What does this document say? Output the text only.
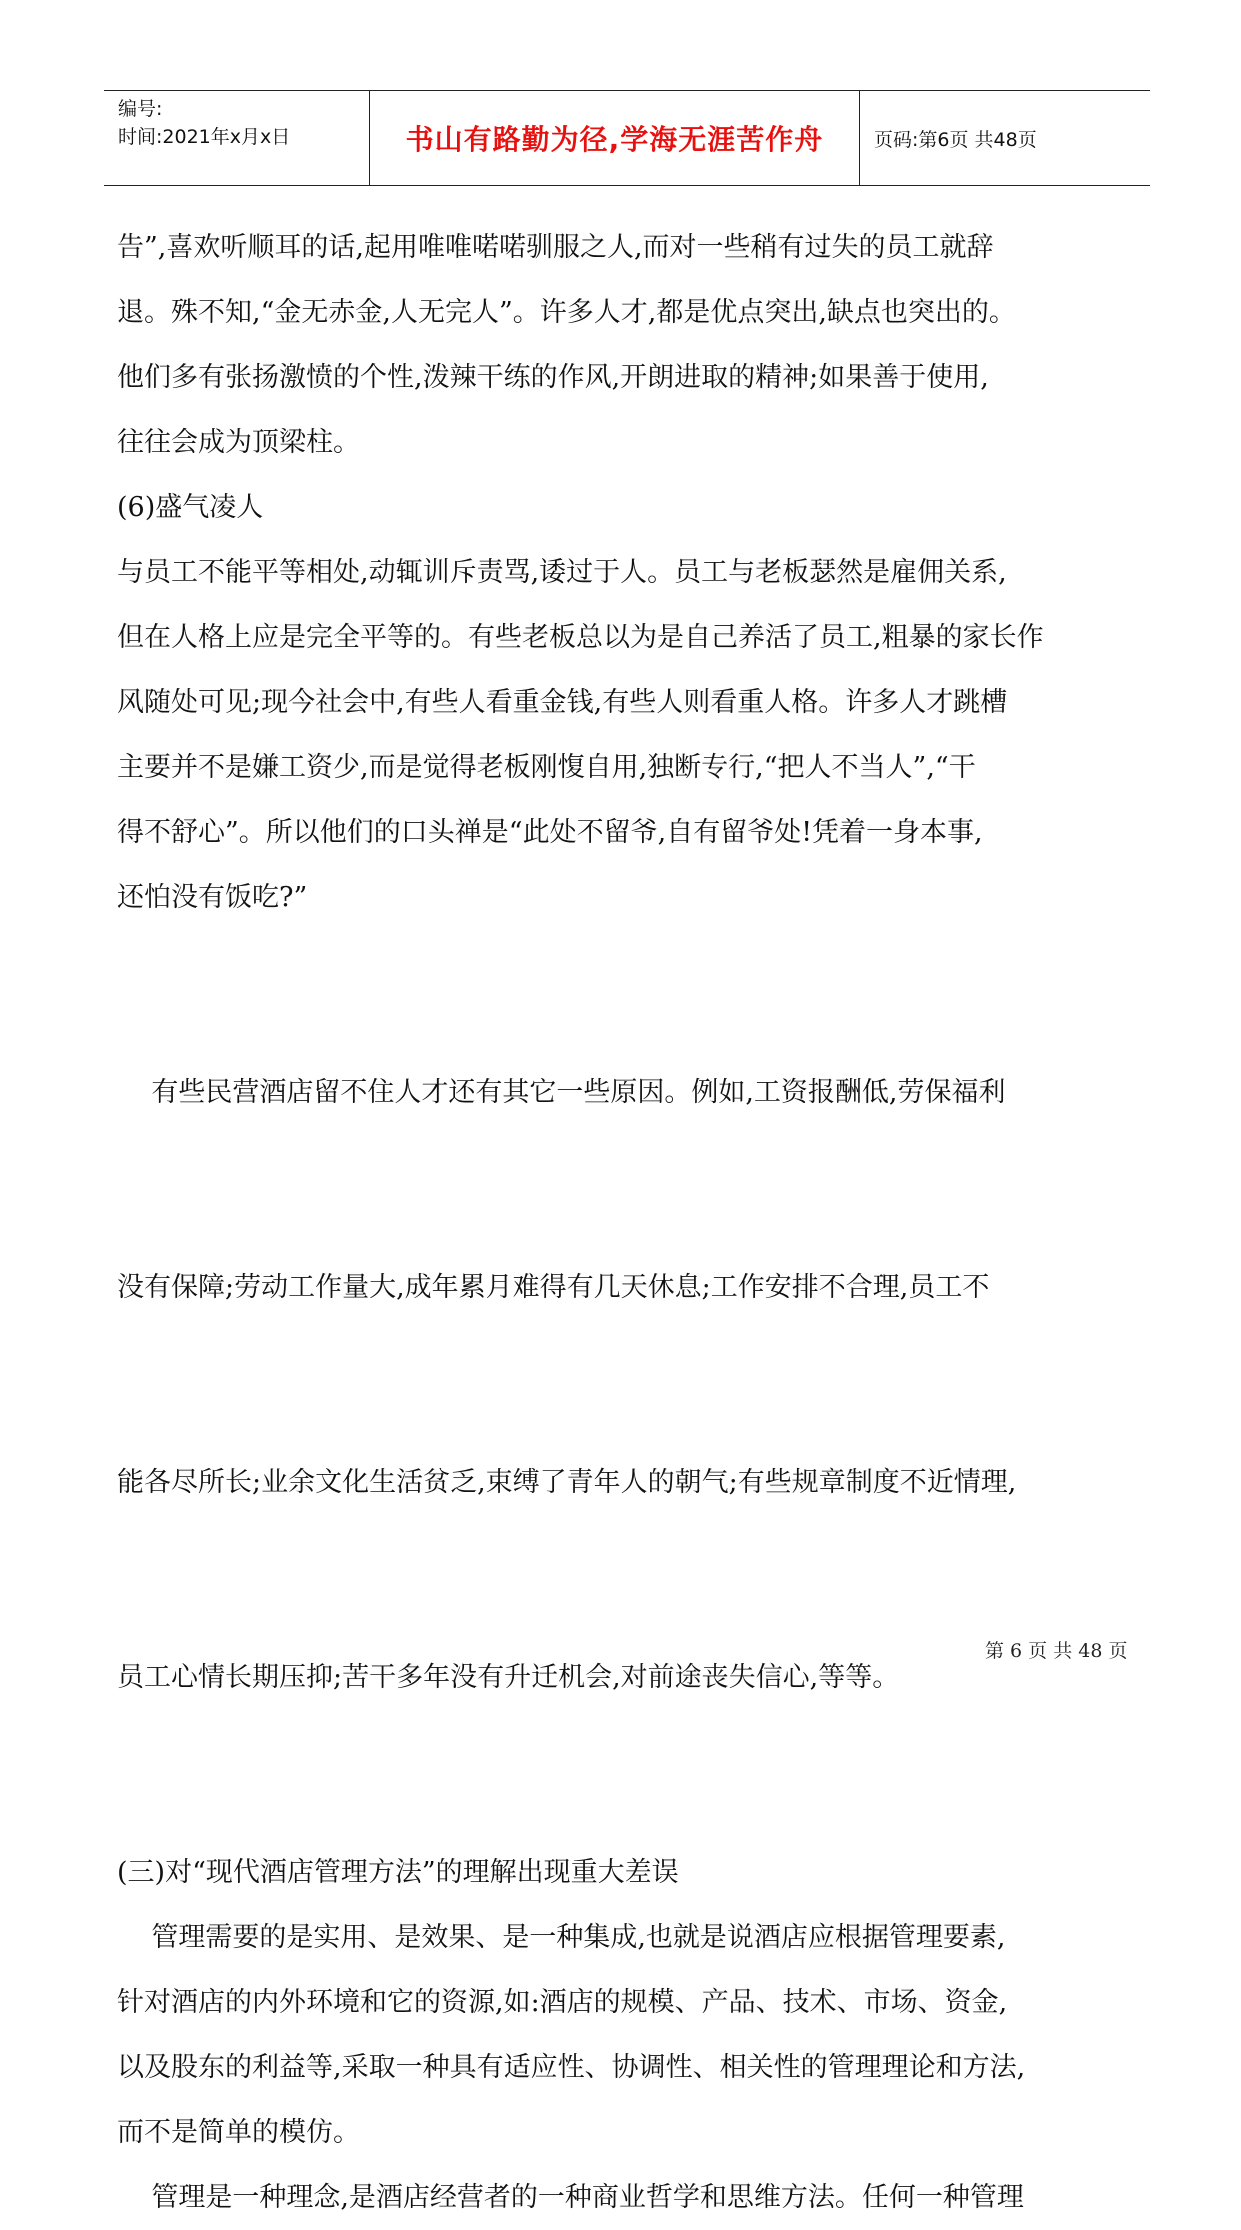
编号:
时间:2021年x月x日	书山有路勤为径,学海无涯苦作舟	页码:第6页 共48页

告”,喜欢听顺耳的话,起用唯唯喏喏驯服之人,而对一些稍有过失的员工就辞
退。殊不知,“金无赤金,人无完人”。许多人才,都是优点突出,缺点也突出的。
他们多有张扬激愤的个性,泼辣干练的作风,开朗进取的精神;如果善于使用,
往往会成为顶梁柱。

(6)盛气凌人

与员工不能平等相处,动辄训斥责骂,诿过于人。员工与老板瑟然是雇佣关系,
但在人格上应是完全平等的。有些老板总以为是自己养活了员工,粗暴的家长作
风随处可见;现今社会中,有些人看重金钱,有些人则看重人格。许多人才跳槽
主要并不是嫌工资少,而是觉得老板刚愎自用,独断专行,“把人不当人”,“干
得不舒心”。所以他们的口头禅是“此处不留爷,自有留爷处!凭着一身本事,
还怕没有饭吃?”

有些民营酒店留不住人才还有其它一些原因。例如,工资报酬低,劳保福利

没有保障;劳动工作量大,成年累月难得有几天休息;工作安排不合理,员工不

能各尽所长;业余文化生活贫乏,束缚了青年人的朝气;有些规章制度不近情理,

员工心情长期压抑;苦干多年没有升迁机会,对前途丧失信心,等等。

(三)对“现代酒店管理方法”的理解出现重大差误

管理需要的是实用、是效果、是一种集成,也就是说酒店应根据管理要素,
针对酒店的内外环境和它的资源,如:酒店的规模、产品、技术、市场、资金,
以及股东的利益等,采取一种具有适应性、协调性、相关性的管理理论和方法,
而不是简单的模仿。

管理是一种理念,是酒店经营者的一种商业哲学和思维方法。任何一种管理

第 6 页 共 48 页
